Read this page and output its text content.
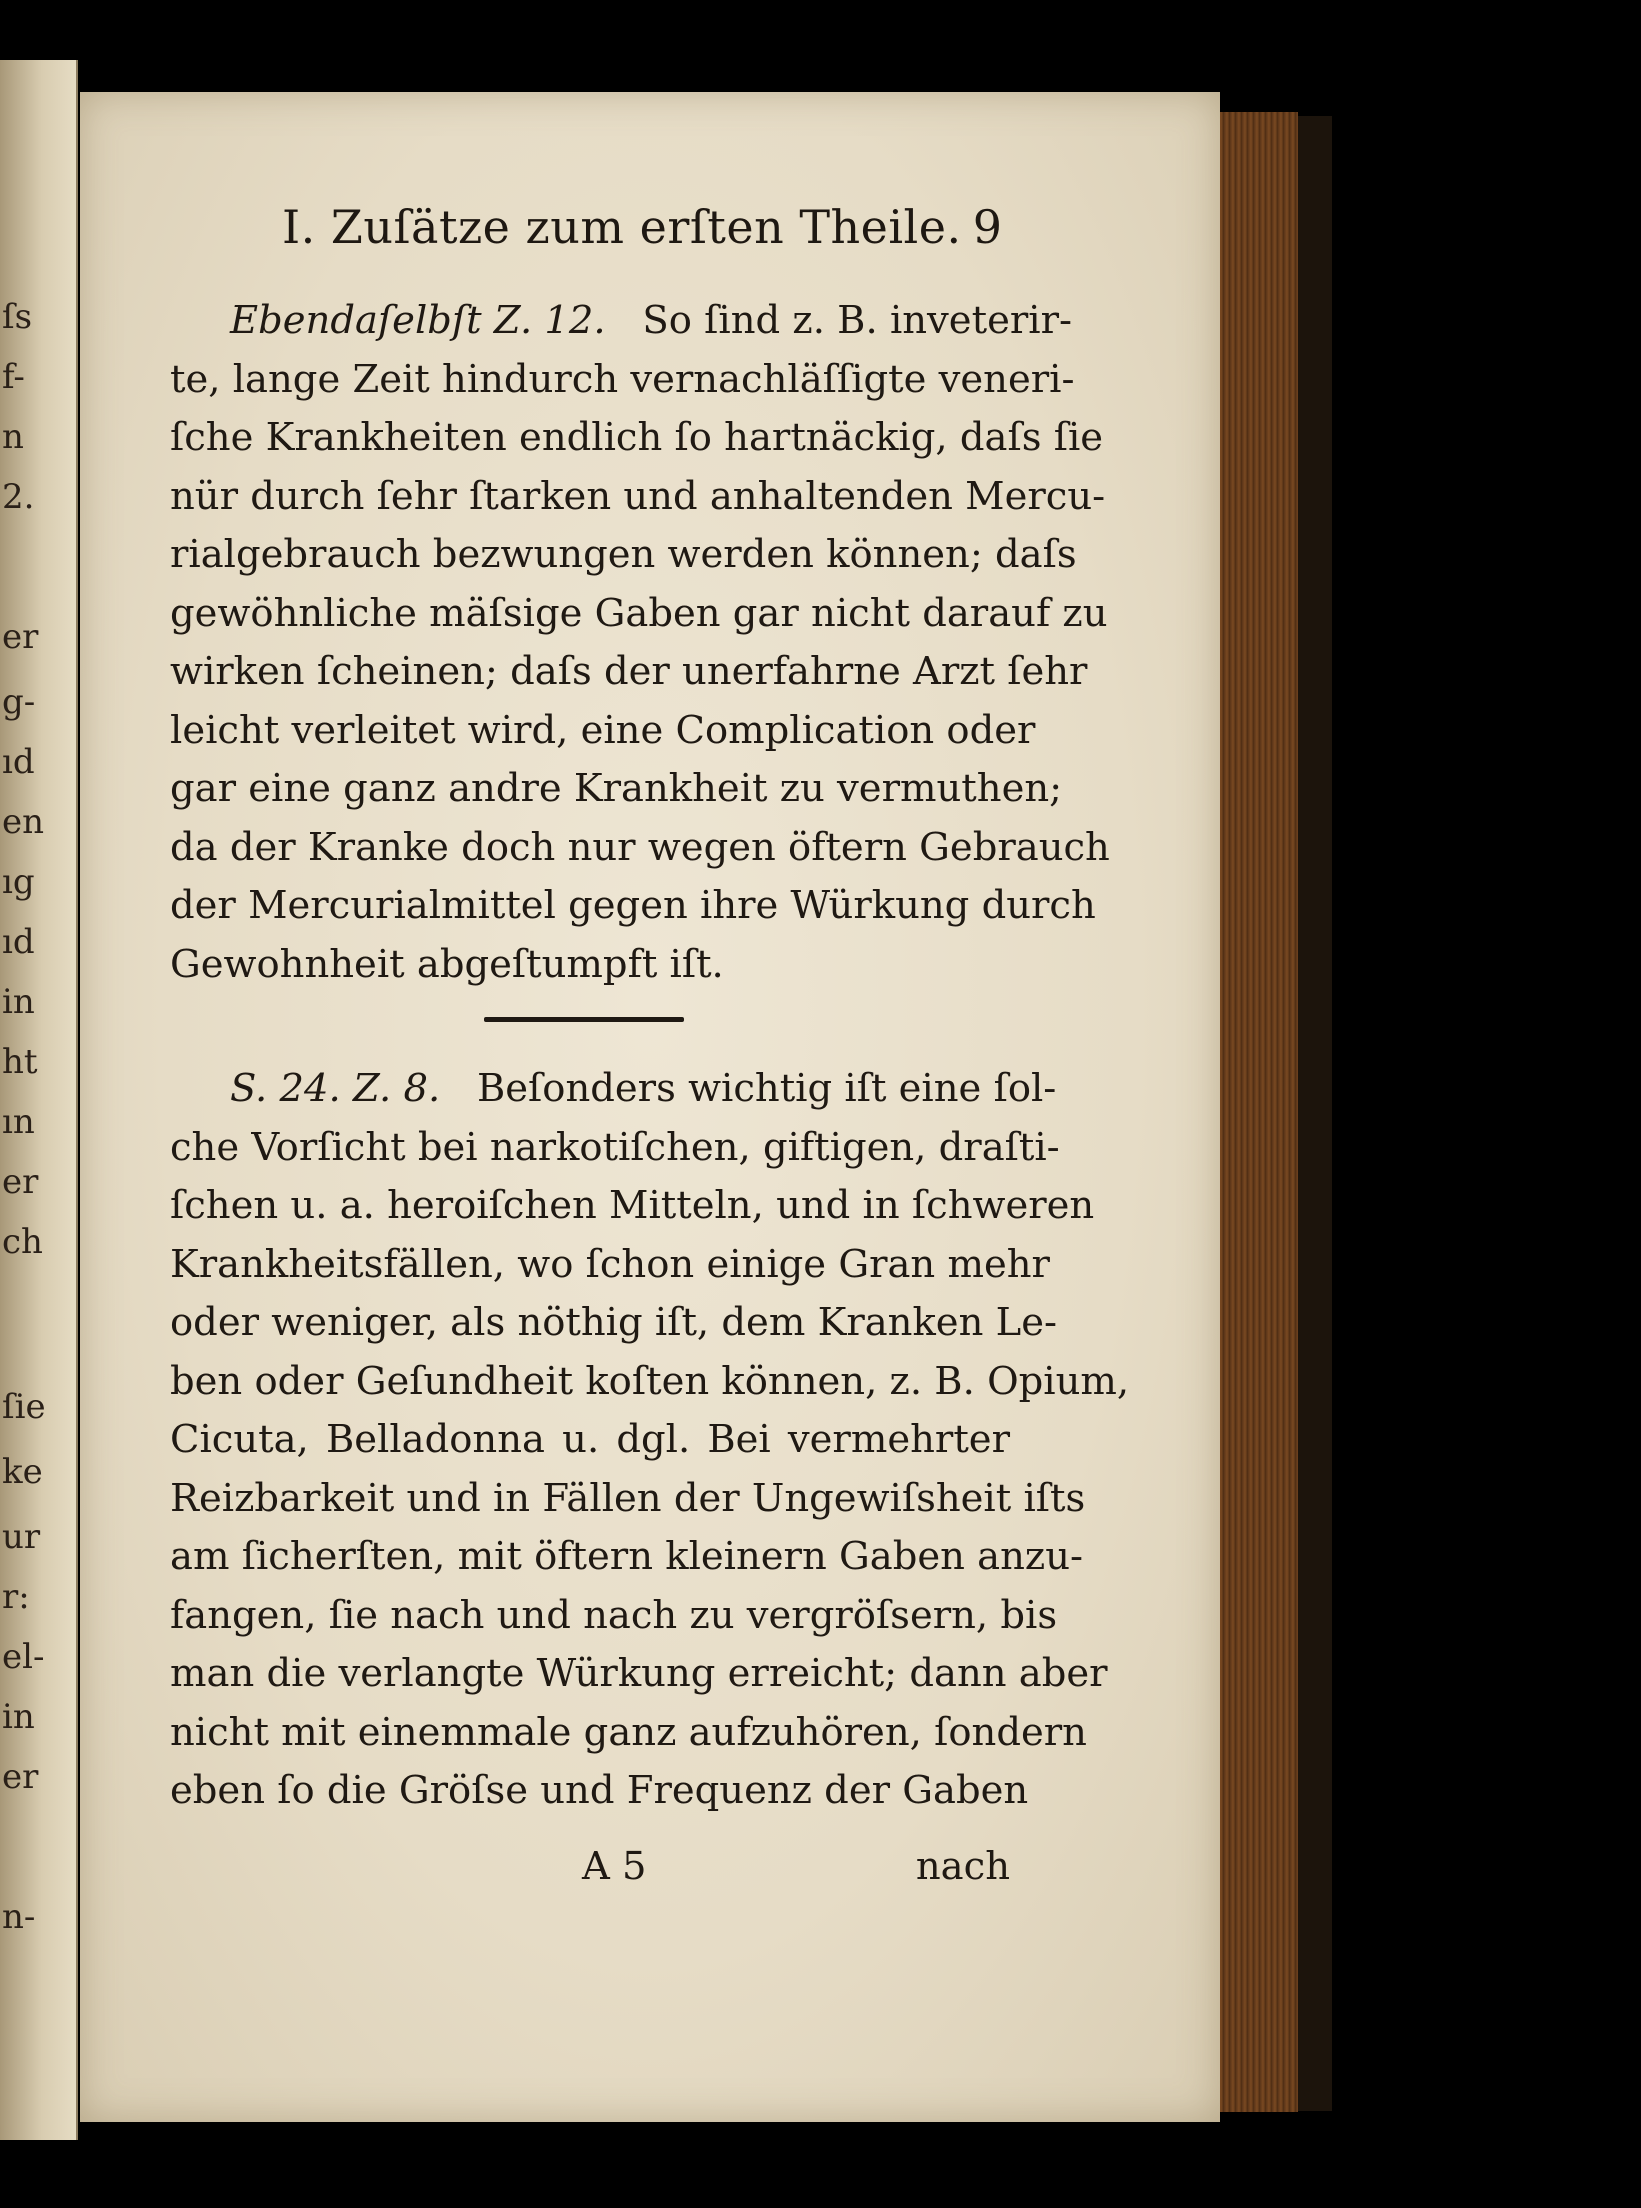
ſs
f-
n
2.
er
g-
ıd
en
ıg
ıd
in
ht
ın
er
ch
ſie
ke
ur
r:
el-
in
er
n-
I. Zuſätze zum erſten Theile. 9
Ebendaſelbſt Z. 12. So ſind z. B. inveterir-
te, lange Zeit hindurch vernachläſſigte veneri-
ſche Krankheiten endlich ſo hartnäckig, daſs ſie
nür durch ſehr ſtarken und anhaltenden Mercu-
rialgebrauch bezwungen werden können; daſs
gewöhnliche mäſsige Gaben gar nicht darauf zu
wirken ſcheinen; daſs der unerfahrne Arzt ſehr
leicht verleitet wird, eine Complication oder
gar eine ganz andre Krankheit zu vermuthen;
da der Kranke doch nur wegen öftern Gebrauch
der Mercurialmittel gegen ihre Würkung durch
Gewohnheit abgeſtumpft iſt.
S. 24. Z. 8. Beſonders wichtig iſt eine ſol-
che Vorſicht bei narkotiſchen, giftigen, draſti-
ſchen u. a. heroiſchen Mitteln, und in ſchweren
Krankheitsfällen, wo ſchon einige Gran mehr
oder weniger, als nöthig iſt, dem Kranken Le-
ben oder Geſundheit koſten können, z. B. Opium,
Cicuta, Belladonna u. dgl. Bei vermehrter
Reizbarkeit und in Fällen der Ungewiſsheit iſts
am ſicherſten, mit öftern kleinern Gaben anzu-
fangen, ſie nach und nach zu vergröſsern, bis
man die verlangte Würkung erreicht; dann aber
nicht mit einemmale ganz aufzuhören, ſondern
eben ſo die Gröſse und Frequenz der Gaben
A 5	nach
